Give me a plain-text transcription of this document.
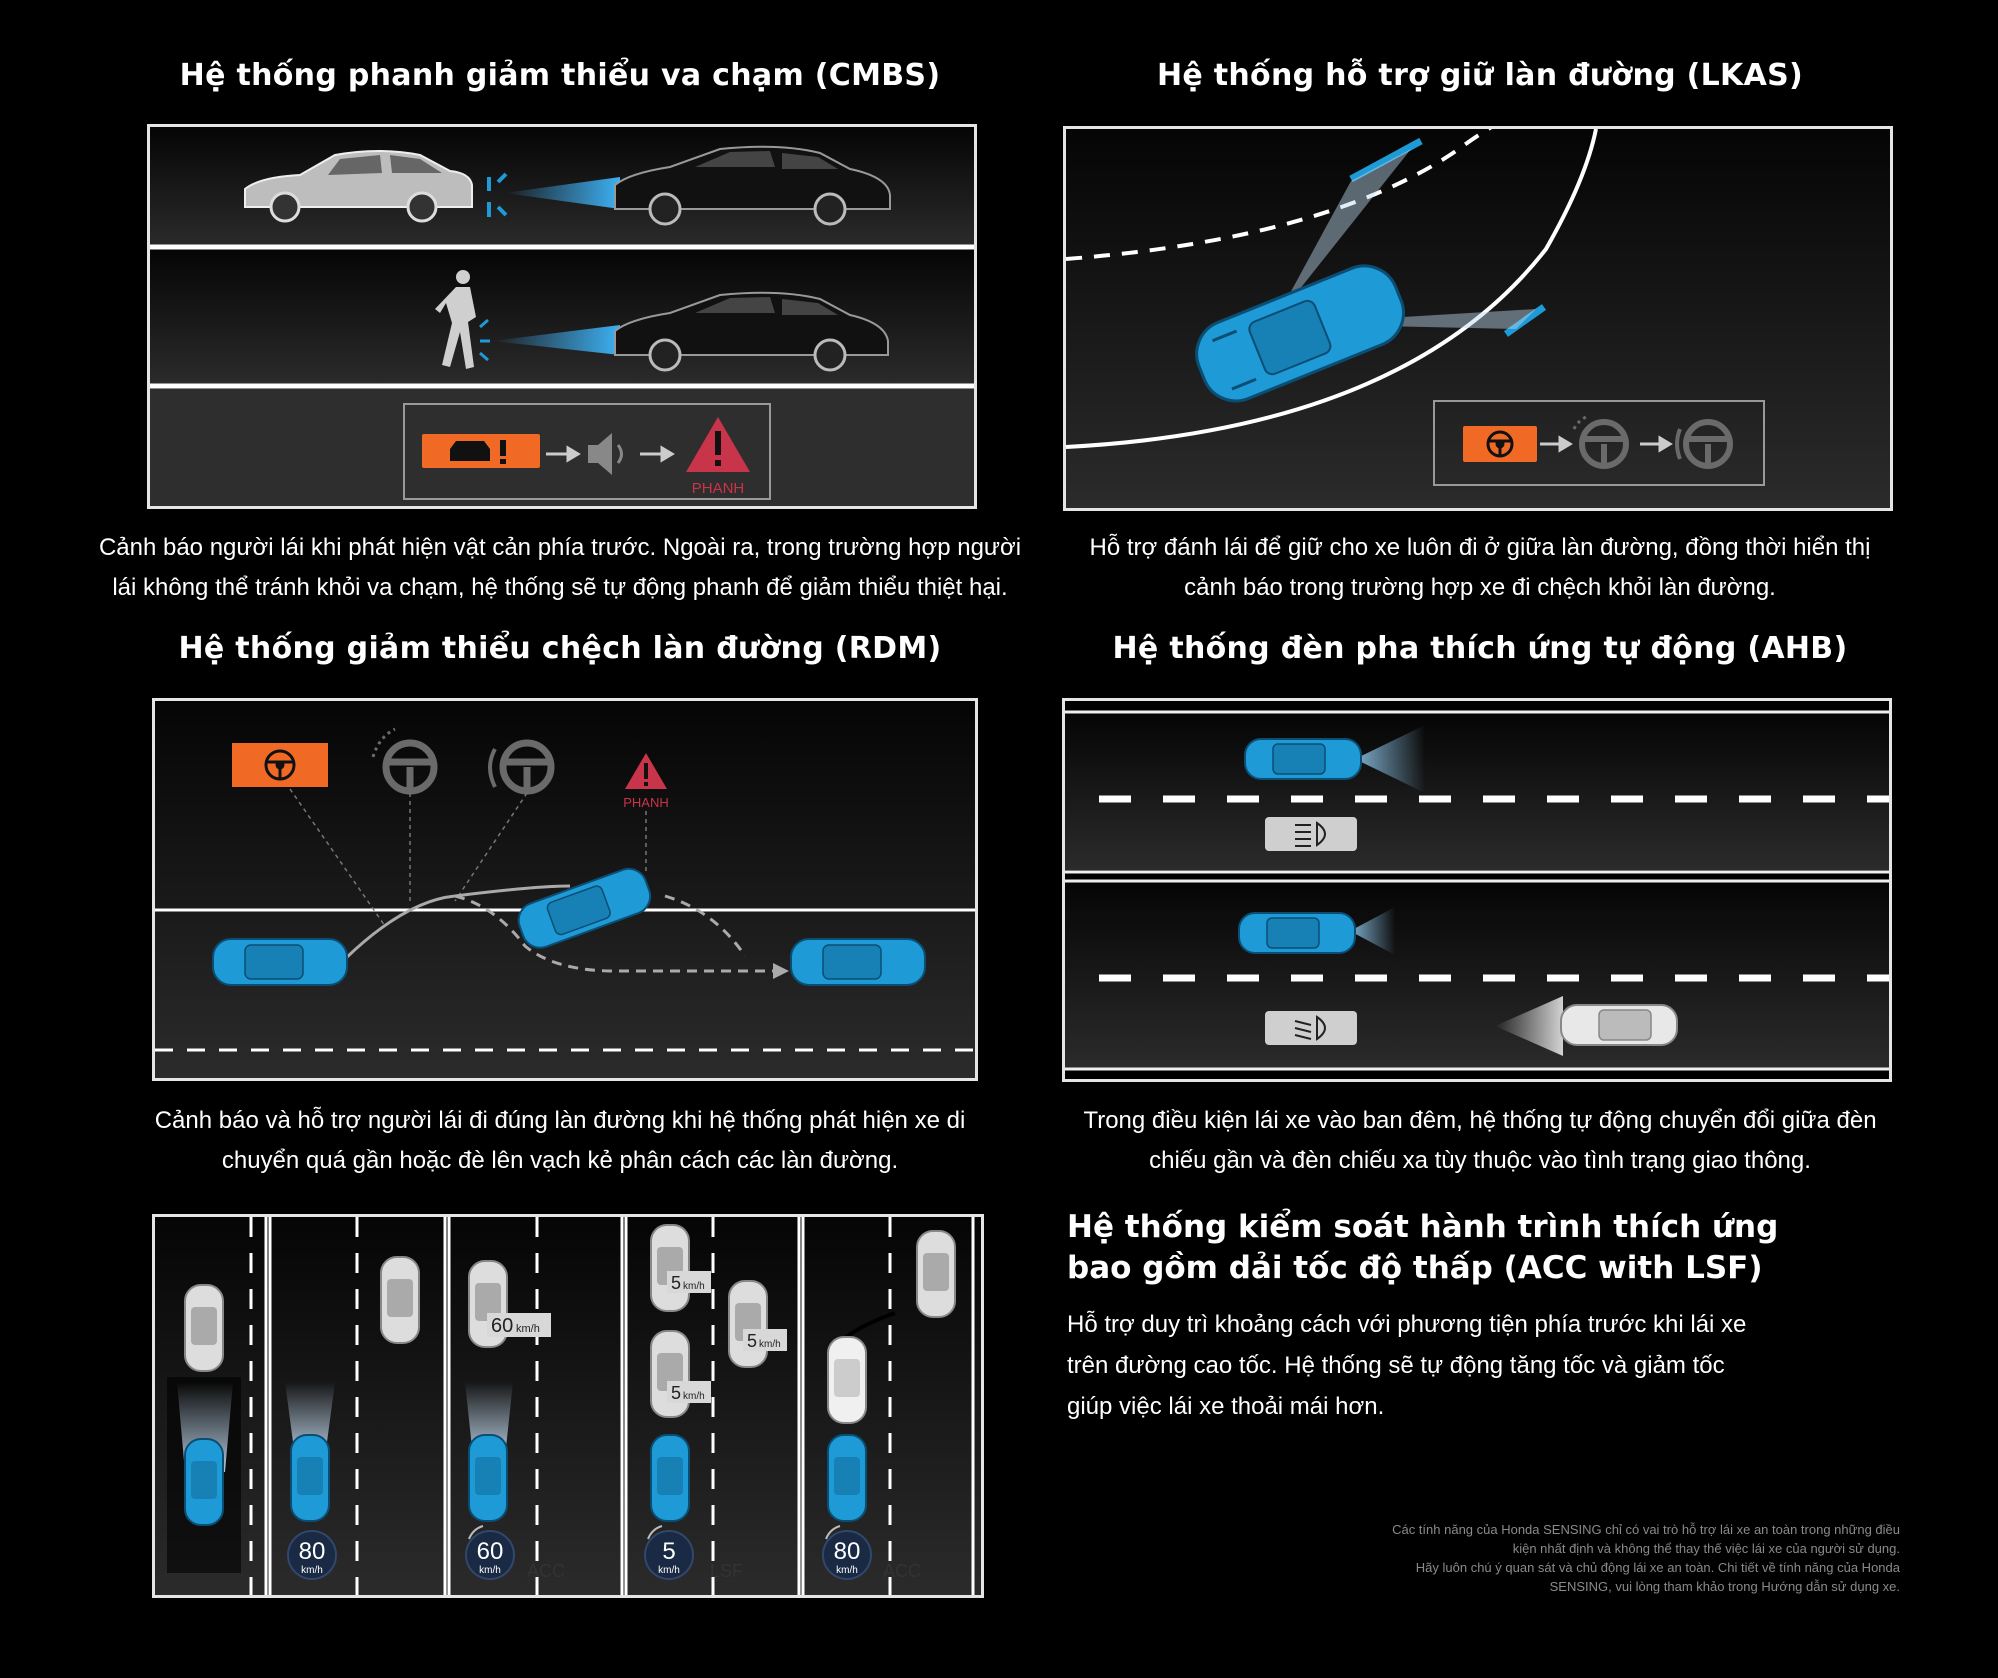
Hệ thống phanh giảm thiểu va chạm (CMBS)
PHANH
Cảnh báo người lái khi phát hiện vật cản phía trước. Ngoài ra, trong trường hợp người
lái không thể tránh khỏi va chạm, hệ thống sẽ tự động phanh để giảm thiểu thiệt hại.
Hệ thống hỗ trợ giữ làn đường (LKAS)
Hỗ trợ đánh lái để giữ cho xe luôn đi ở giữa làn đường, đồng thời hiển thị
cảnh báo trong trường hợp xe đi chệch khỏi làn đường.
Hệ thống giảm thiểu chệch làn đường (RDM)
PHANH
Cảnh báo và hỗ trợ người lái đi đúng làn đường khi hệ thống phát hiện xe di
chuyển quá gần hoặc đè lên vạch kẻ phân cách các làn đường.
Hệ thống đèn pha thích ứng tự động (AHB)
Trong điều kiện lái xe vào ban đêm, hệ thống tự động chuyển đổi giữa đèn
chiếu gần và đèn chiếu xa tùy thuộc vào tình trạng giao thông.
60 km/h
5 km/h
5 km/h
5 km/h
80
km/h
60
km/h ACC
5
km/h LSF
80
km/h ACC
Hệ thống kiểm soát hành trình thích ứng
bao gồm dải tốc độ thấp (ACC with LSF)
Hỗ trợ duy trì khoảng cách với phương tiện phía trước khi lái xe
trên đường cao tốc. Hệ thống sẽ tự động tăng tốc và giảm tốc
giúp việc lái xe thoải mái hơn.
Các tính năng của Honda SENSING chỉ có vai trò hỗ trợ lái xe an toàn trong những điều
kiện nhất định và không thể thay thế việc lái xe của người sử dụng.
Hãy luôn chú ý quan sát và chủ động lái xe an toàn. Chi tiết về tính năng của Honda
SENSING, vui lòng tham khảo trong Hướng dẫn sử dụng xe.
